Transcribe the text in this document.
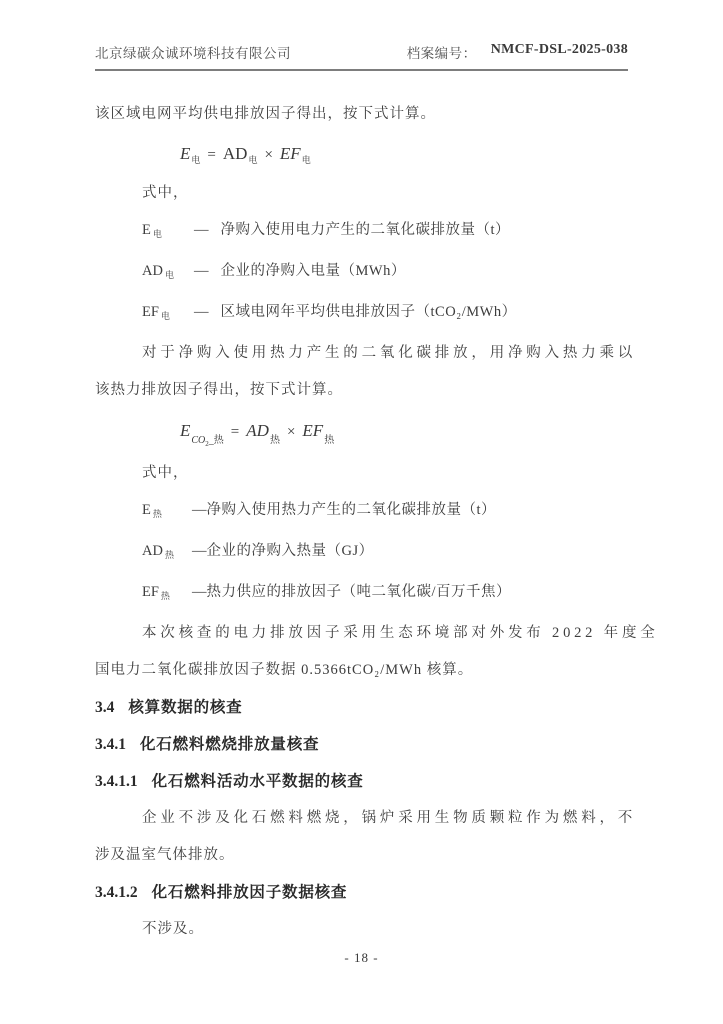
北京绿碳众诚环境科技有限公司	档案编号： NMCF-DSL-2025-038
该区域电网平均供电排放因子得出，按下式计算。
$E_电 = AD_电 \times EF_电$
式中，
E $_电$	— 净购入使用电力产生的二氧化碳排放量（t）
AD $_电$	— 企业的净购入电量（MWh）
EF $_电$	— 区域电网年平均供电排放因子（tCO₂/MWh）
对于净购入使用热力产生的二氧化碳排放，用净购入热力乘以
该热力排放因子得出，按下式计算。
$E_{CO_2\_热}= AD_热\times EF_热$
式中，
E $_热$	— 净购入使用热力产生的二氧化碳排放量（t）
AD $_热$	— 企业的净购入热量（GJ）
EF $_热$	— 热力供应的排放因子（吨二氧化碳/百万千焦）
本次核查的电力排放因子采用生态环境部对外发布 2022 年度全
国电力二氧化碳排放因子数据 0.5366tCO₂/MWh 核算。
3.4 核算数据的核查
3.4.1 化石燃料燃烧排放量核查
3.4.1.1 化石燃料活动水平数据的核查
企业不涉及化石燃料燃烧，锅炉采用生物质颗粒作为燃料，不
涉及温室气体排放。
3.4.1.2 化石燃料排放因子数据核查
不涉及。
- 18 -
